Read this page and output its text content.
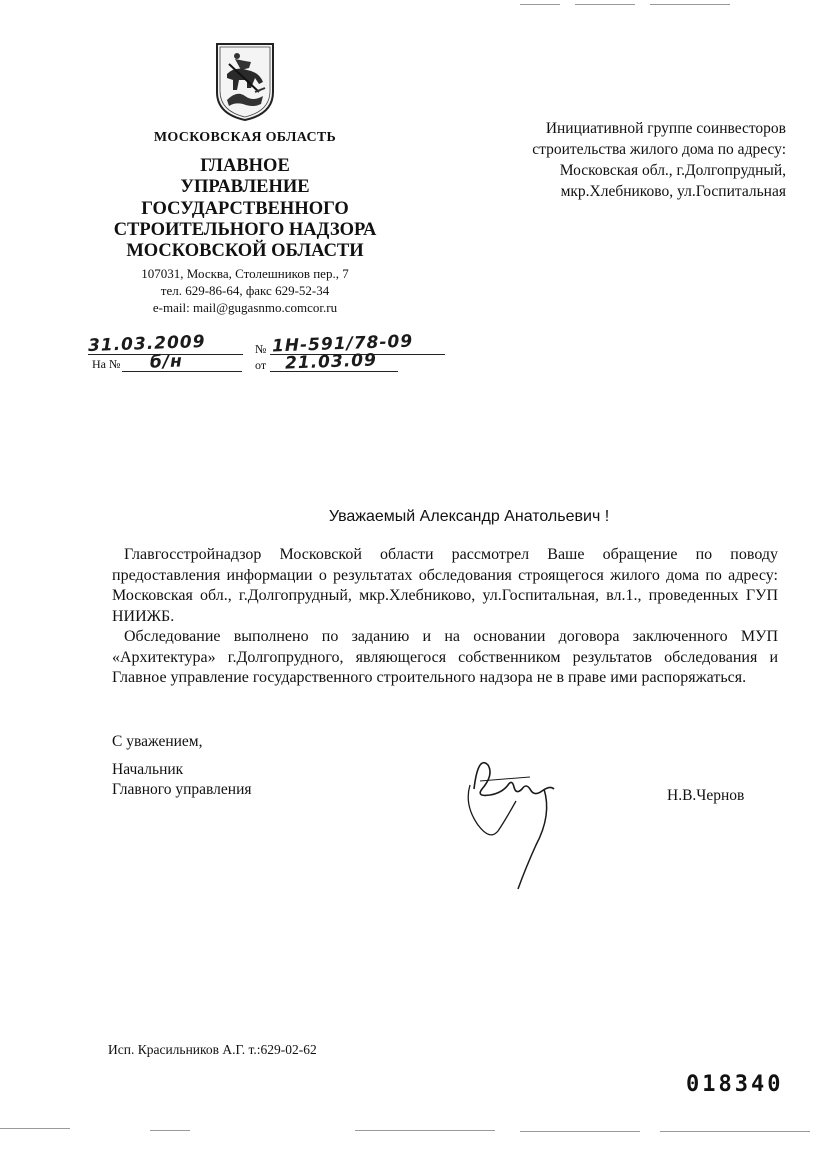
МОСКОВСКАЯ ОБЛАСТЬ
ГЛАВНОЕ
УПРАВЛЕНИЕ
ГОСУДАРСТВЕННОГО
СТРОИТЕЛЬНОГО НАДЗОРА
МОСКОВСКОЙ ОБЛАСТИ
107031, Москва, Столешников пер., 7
тел. 629-86-64, факс 629-52-34
e-mail: mail@gugasnmo.comcor.ru
31.03.2009	№ 1Н-591/78-09
На № б/н	от 21.03.09
Инициативной группе соинвесторов
строительства жилого дома по адресу:
Московская обл., г.Долгопрудный,
мкр.Хлебниково, ул.Госпитальная
Уважаемый Александр Анатольевич !

Главгосстройнадзор Московской области рассмотрел Ваше обращение по поводу предоставления информации о результатах обследования строящегося жилого дома по адресу: Московская обл., г.Долгопрудный, мкр.Хлебниково, ул.Госпитальная, вл.1., проведенных ГУП НИИЖБ.

Обследование выполнено по заданию и на основании договора заключенного МУП «Архитектура» г.Долгопрудного, являющегося собственником результатов обследования и Главное управление государственного строительного надзора не в праве ими распоряжаться.

С уважением,
Начальник
Главного управления	Н.В.Чернов
Исп. Красильников А.Г. т.:629-02-62
018340
